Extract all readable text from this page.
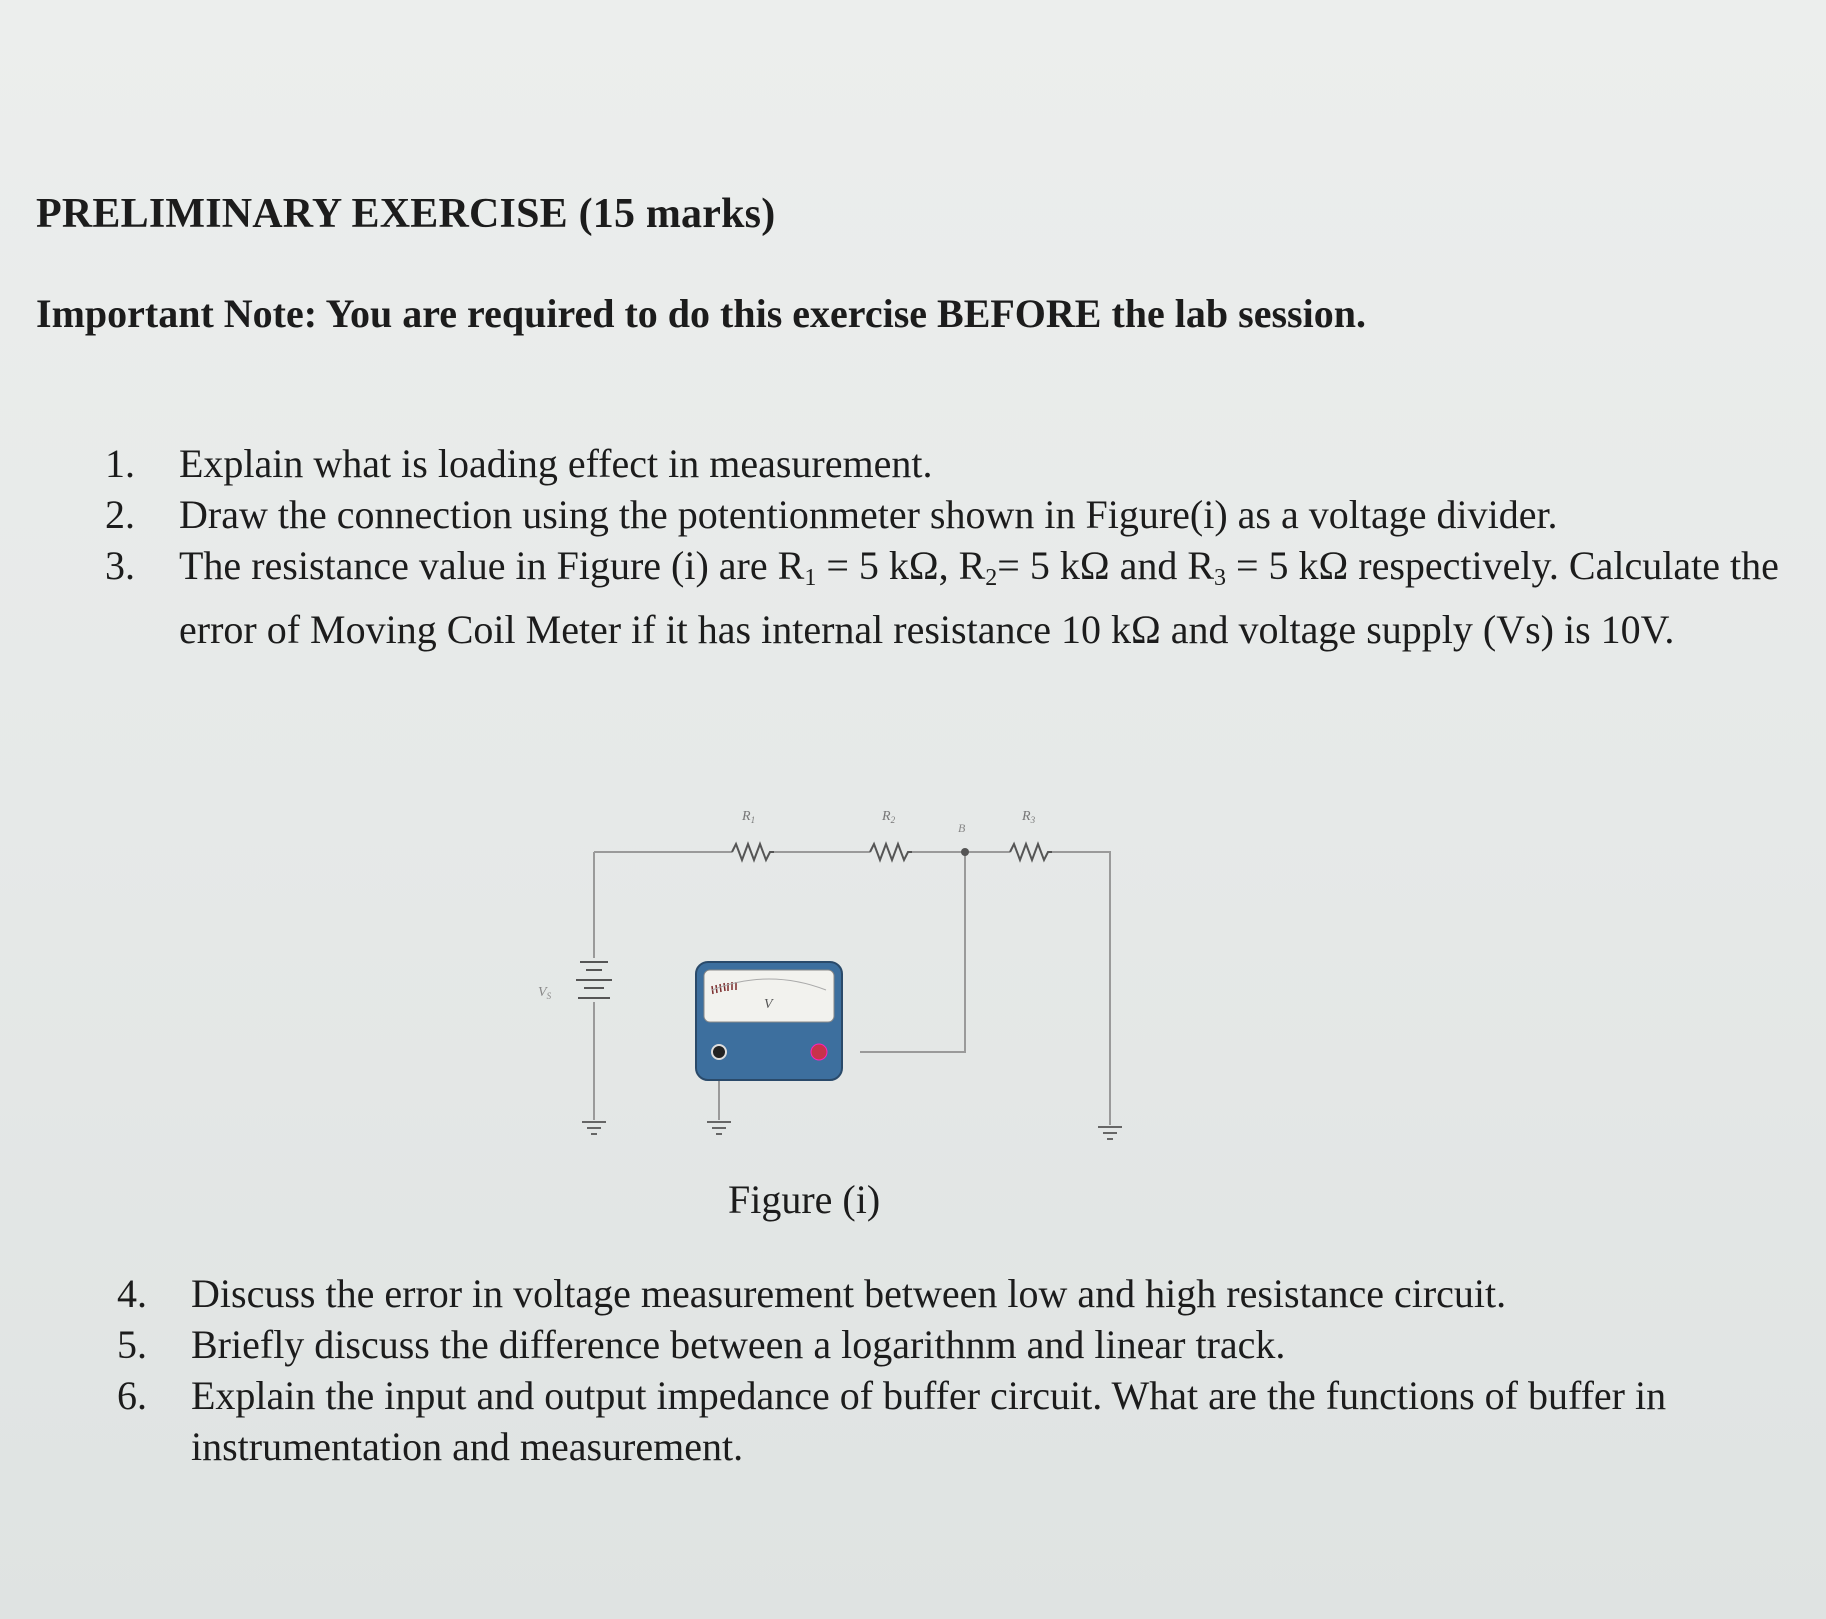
PRELIMINARY EXERCISE (15 marks)
Important Note: You are required to do this exercise BEFORE the lab session.
1.	Explain what is loading effect in measurement.
2.	Draw the connection using the potentionmeter shown in Figure(i) as a voltage divider.
3.	The resistance value in Figure (i) are $R_1 = 5$ kΩ, $R_2= 5$ kΩ and $R_3 = 5$ kΩ respectively. Calculate the error of Moving Coil Meter if it has internal resistance 10 kΩ and voltage supply (Vs) is 10V.
$R_1$	$R_2$	$R_3$
B
$V_S$
V
Figure (i)
4.	Discuss the error in voltage measurement between low and high resistance circuit.
5.	Briefly discuss the difference between a logarithnm and linear track.
6.	Explain the input and output impedance of buffer circuit. What are the functions of buffer in instrumentation and measurement.
